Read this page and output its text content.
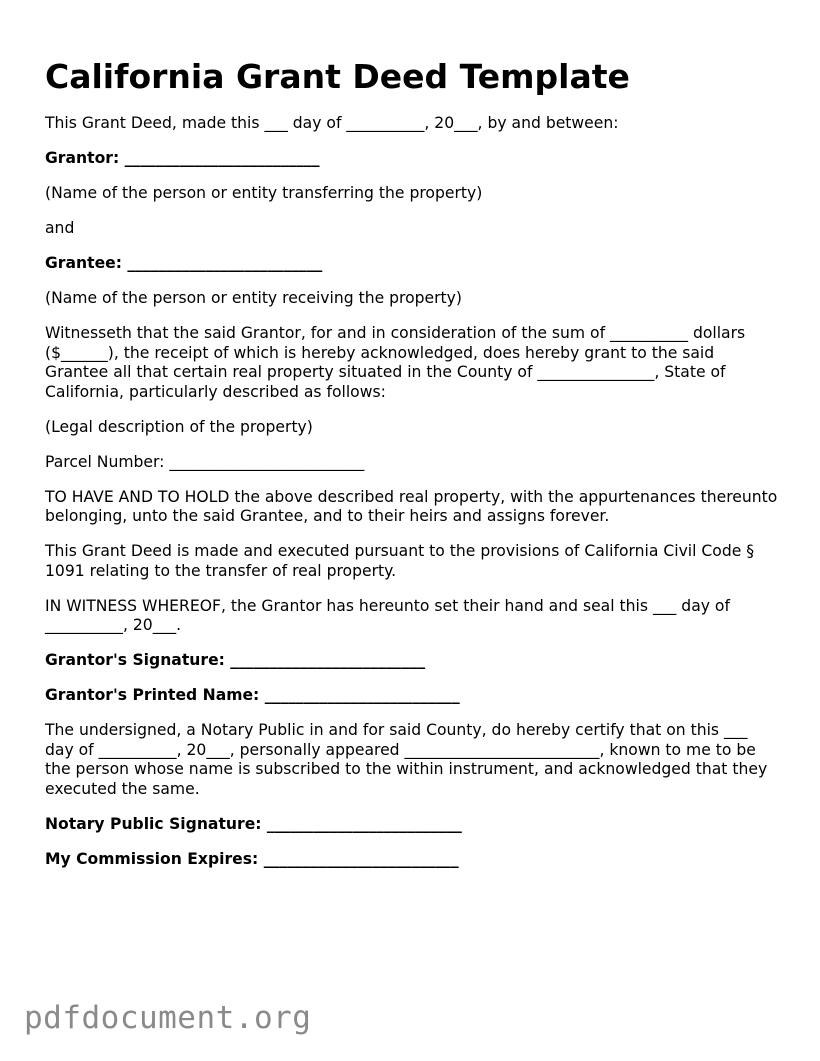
California Grant Deed Template

This Grant Deed, made this ___ day of __________, 20___, by and between:

Grantor: _________________________

(Name of the person or entity transferring the property)

and

Grantee: _________________________

(Name of the person or entity receiving the property)

Witnesseth that the said Grantor, for and in consideration of the sum of __________ dollars ($______), the receipt of which is hereby acknowledged, does hereby grant to the said Grantee all that certain real property situated in the County of _______________, State of California, particularly described as follows:

(Legal description of the property)

Parcel Number: _________________________

TO HAVE AND TO HOLD the above described real property, with the appurtenances thereunto belonging, unto the said Grantee, and to their heirs and assigns forever.

This Grant Deed is made and executed pursuant to the provisions of California Civil Code § 1091 relating to the transfer of real property.

IN WITNESS WHEREOF, the Grantor has hereunto set their hand and seal this ___ day of __________, 20___.

Grantor's Signature: _________________________

Grantor's Printed Name: _________________________

The undersigned, a Notary Public in and for said County, do hereby certify that on this ___ day of __________, 20___, personally appeared _________________________, known to me to be the person whose name is subscribed to the within instrument, and acknowledged that they executed the same.

Notary Public Signature: _________________________

My Commission Expires: _________________________

pdfdocument.org
